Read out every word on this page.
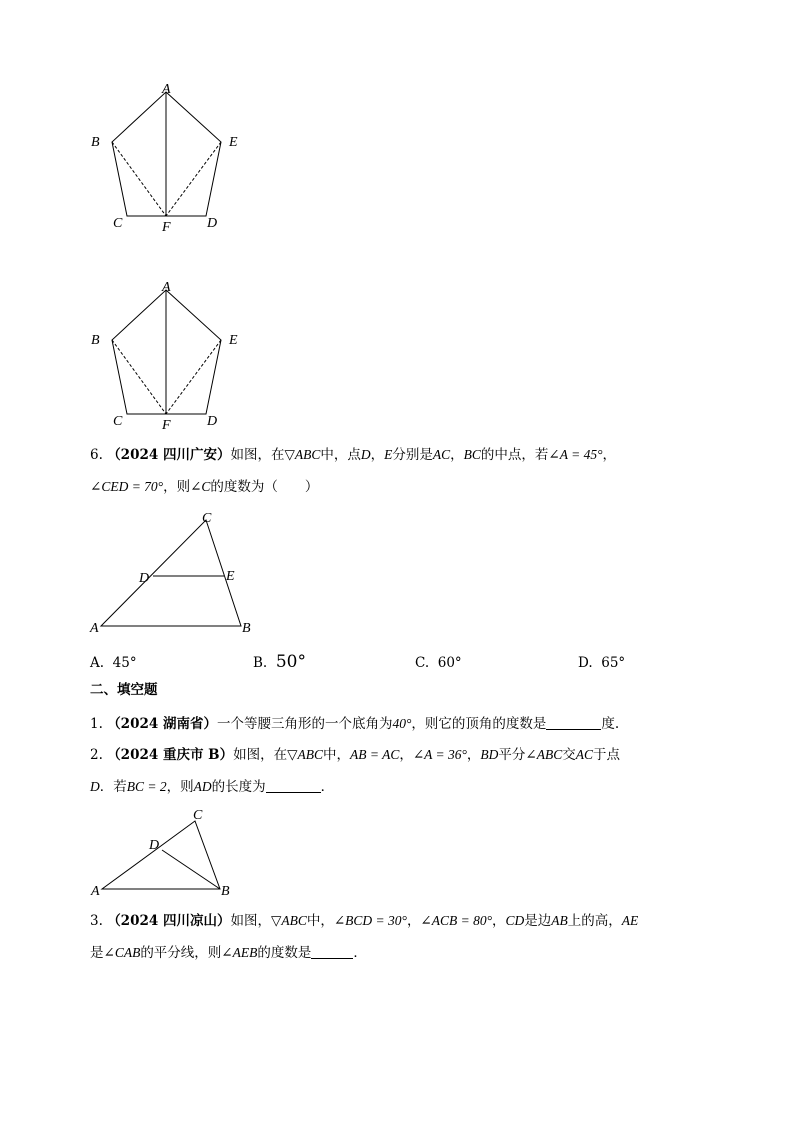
A
B	E
C	F	D
A
B	E
C	F	D
6. （2024 四川广安）如图，在▽ABC中，点D，E分别是AC，BC的中点，若∠A = 45°，
∠CED = 70°，则∠C的度数为（　　）
C
D	E
A	B
A. 45°	B. 50°	C. 60°	D. 65°
二、填空题
1. （2024 湖南省）一个等腰三角形的一个底角为40°，则它的顶角的度数是	度.
2. （2024 重庆市 B）如图，在▽ABC中，AB = AC，∠A = 36°，BD平分∠ABC交AC于点
D．若BC = 2，则AD的长度为	．
C
D
A	B
3. （2024 四川凉山）如图，▽ABC中，∠BCD = 30°，∠ACB = 80°，CD是边AB上的高，AE
是∠CAB的平分线，则∠AEB的度数是	．
